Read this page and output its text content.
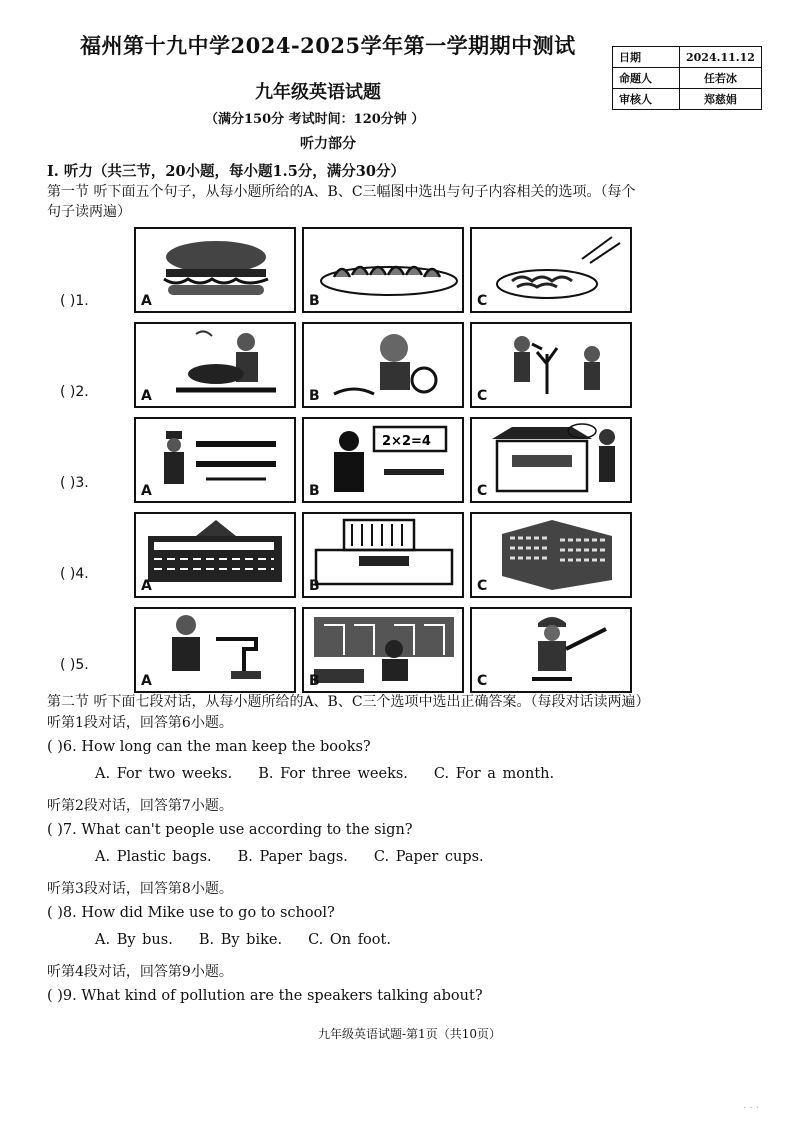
福州第十九中学2024-2025学年第一学期期中测试
九年级英语试题
（满分150分 考试时间：120分钟 ）
听力部分
日期	2024.11.12
命题人	任若冰
审核人	郑慈娟
I. 听力（共三节，20小题，每小题1.5分，满分30分）
第一节 听下面五个句子，从每小题所给的A、B、C三幅图中选出与句子内容相关的选项。（每个
句子读两遍）
A	B	C
A	B	C
A
2×2=4
B	C
A	B	C
A	B	C
( )1.
( )2.
( )3.
( )4.
( )5.
第二节 听下面七段对话，从每小题所给的A、B、C三个选项中选出正确答案。（每段对话读两遍）
听第1段对话，回答第6小题。
( )6. How long can the man keep the books?
A. For two weeks. B. For three weeks. C. For a month.
听第2段对话，回答第7小题。
( )7. What can't people use according to the sign?
A. Plastic bags. B. Paper bags. C. Paper cups.
听第3段对话，回答第8小题。
( )8. How did Mike use to go to school?
A. By bus. B. By bike. C. On foot.
听第4段对话，回答第9小题。
( )9. What kind of pollution are the speakers talking about?
九年级英语试题-第1页（共10页）
· · ·
